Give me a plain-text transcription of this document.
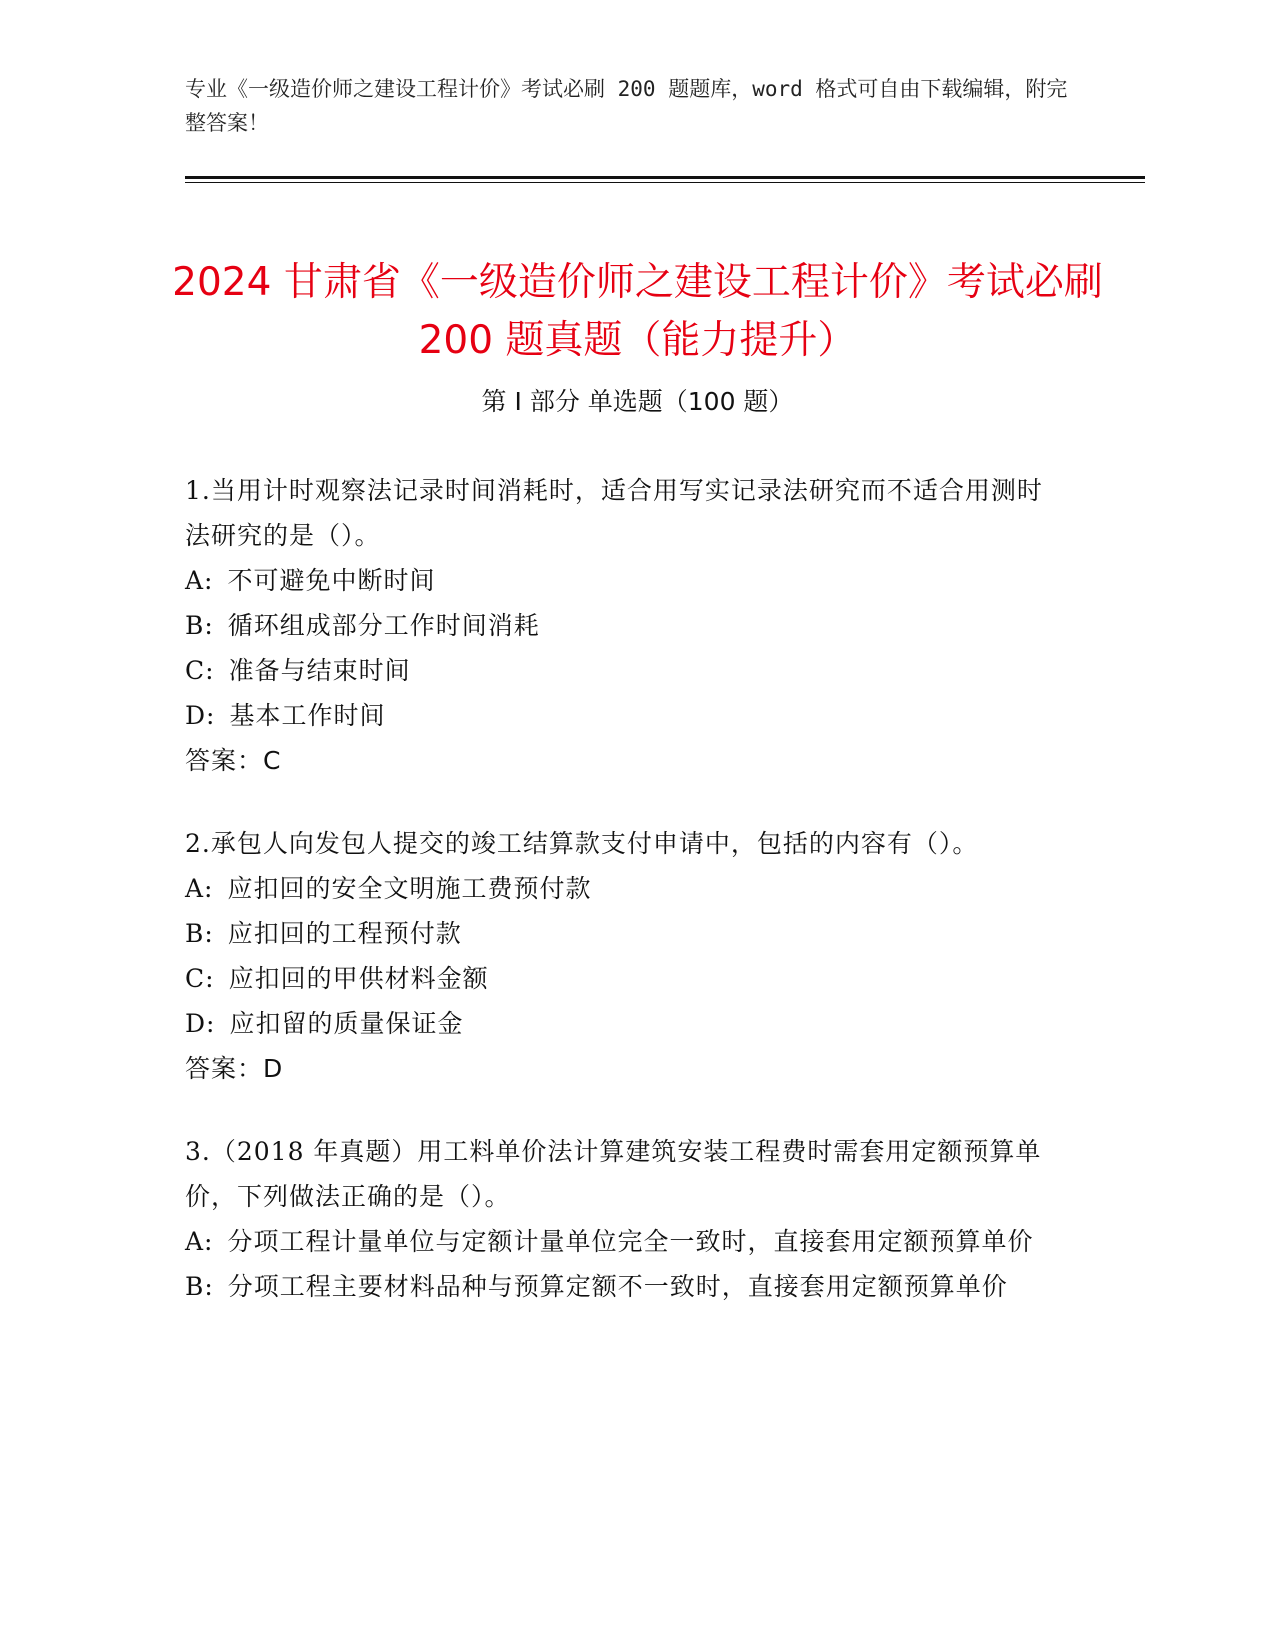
专业《一级造价师之建设工程计价》考试必刷 200 题题库，word 格式可自由下载编辑，附完整答案！
2024 甘肃省《一级造价师之建设工程计价》考试必刷 200 题真题（能力提升）
第 I 部分 单选题（100 题）

1.当用计时观察法记录时间消耗时，适合用写实记录法研究而不适合用测时法研究的是（）。

A: 不可避免中断时间

B: 循环组成部分工作时间消耗

C: 准备与结束时间

D: 基本工作时间

答案：C

2.承包人向发包人提交的竣工结算款支付申请中，包括的内容有（）。

A: 应扣回的安全文明施工费预付款

B: 应扣回的工程预付款

C: 应扣回的甲供材料金额

D: 应扣留的质量保证金

答案：D

3.（2018 年真题）用工料单价法计算建筑安装工程费时需套用定额预算单价，下列做法正确的是（）。

A: 分项工程计量单位与定额计量单位完全一致时，直接套用定额预算单价

B: 分项工程主要材料品种与预算定额不一致时，直接套用定额预算单价
